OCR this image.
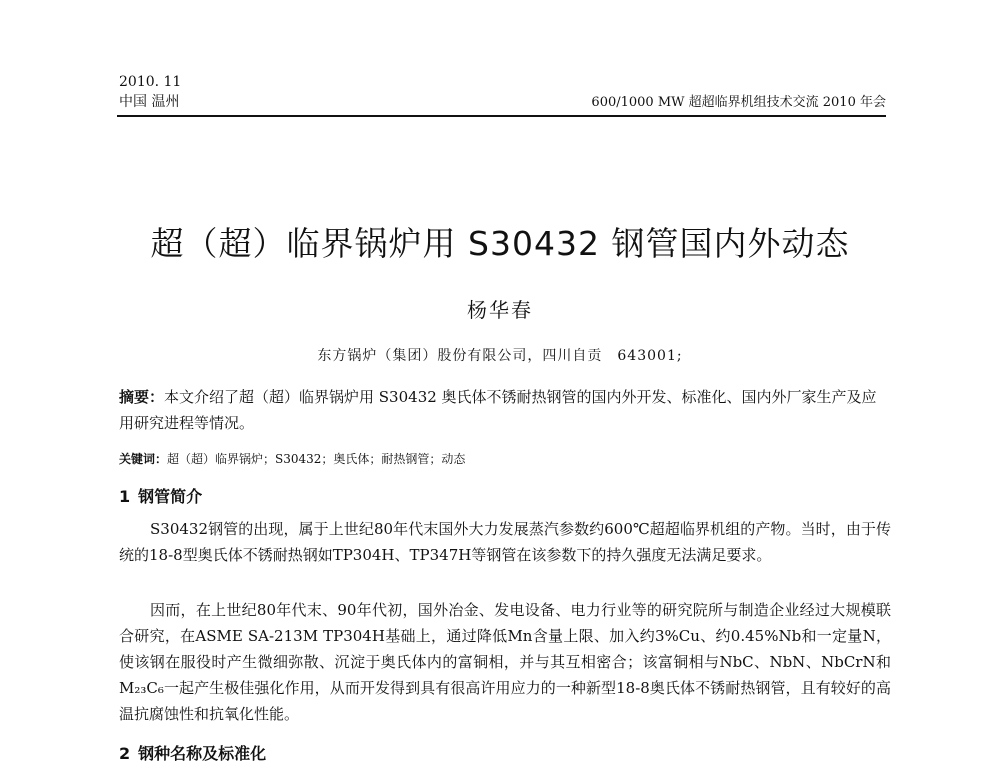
2010. 11
中国 温州	600/1000 MW 超超临界机组技术交流 2010 年会
超（超）临界锅炉用 S30432 钢管国内外动态
杨华春
东方锅炉（集团）股份有限公司，四川自贡　643001;
摘要：本文介绍了超（超）临界锅炉用 S30432 奥氏体不锈耐热钢管的国内外开发、标准化、国内外厂家生产及应用研究进程等情况。
关键词：超（超）临界锅炉；S30432；奥氏体；耐热钢管；动态
1 钢管简介
S30432钢管的出现，属于上世纪80年代末国外大力发展蒸汽参数约600℃超超临界机组的产物。当时，由于传统的18-8型奥氏体不锈耐热钢如TP304H、TP347H等钢管在该参数下的持久强度无法满足要求。
因而，在上世纪80年代末、90年代初，国外冶金、发电设备、电力行业等的研究院所与制造企业经过大规模联合研究，在ASME SA-213M TP304H基础上，通过降低Mn含量上限、加入约3%Cu、约0.45%Nb和一定量N，使该钢在服役时产生微细弥散、沉淀于奥氏体内的富铜相，并与其互相密合；该富铜相与NbC、NbN、NbCrN和M₂₃C₆一起产生极佳强化作用，从而开发得到具有很高许用应力的一种新型18-8奥氏体不锈耐热钢管，且有较好的高温抗腐蚀性和抗氧化性能。
2 钢种名称及标准化
